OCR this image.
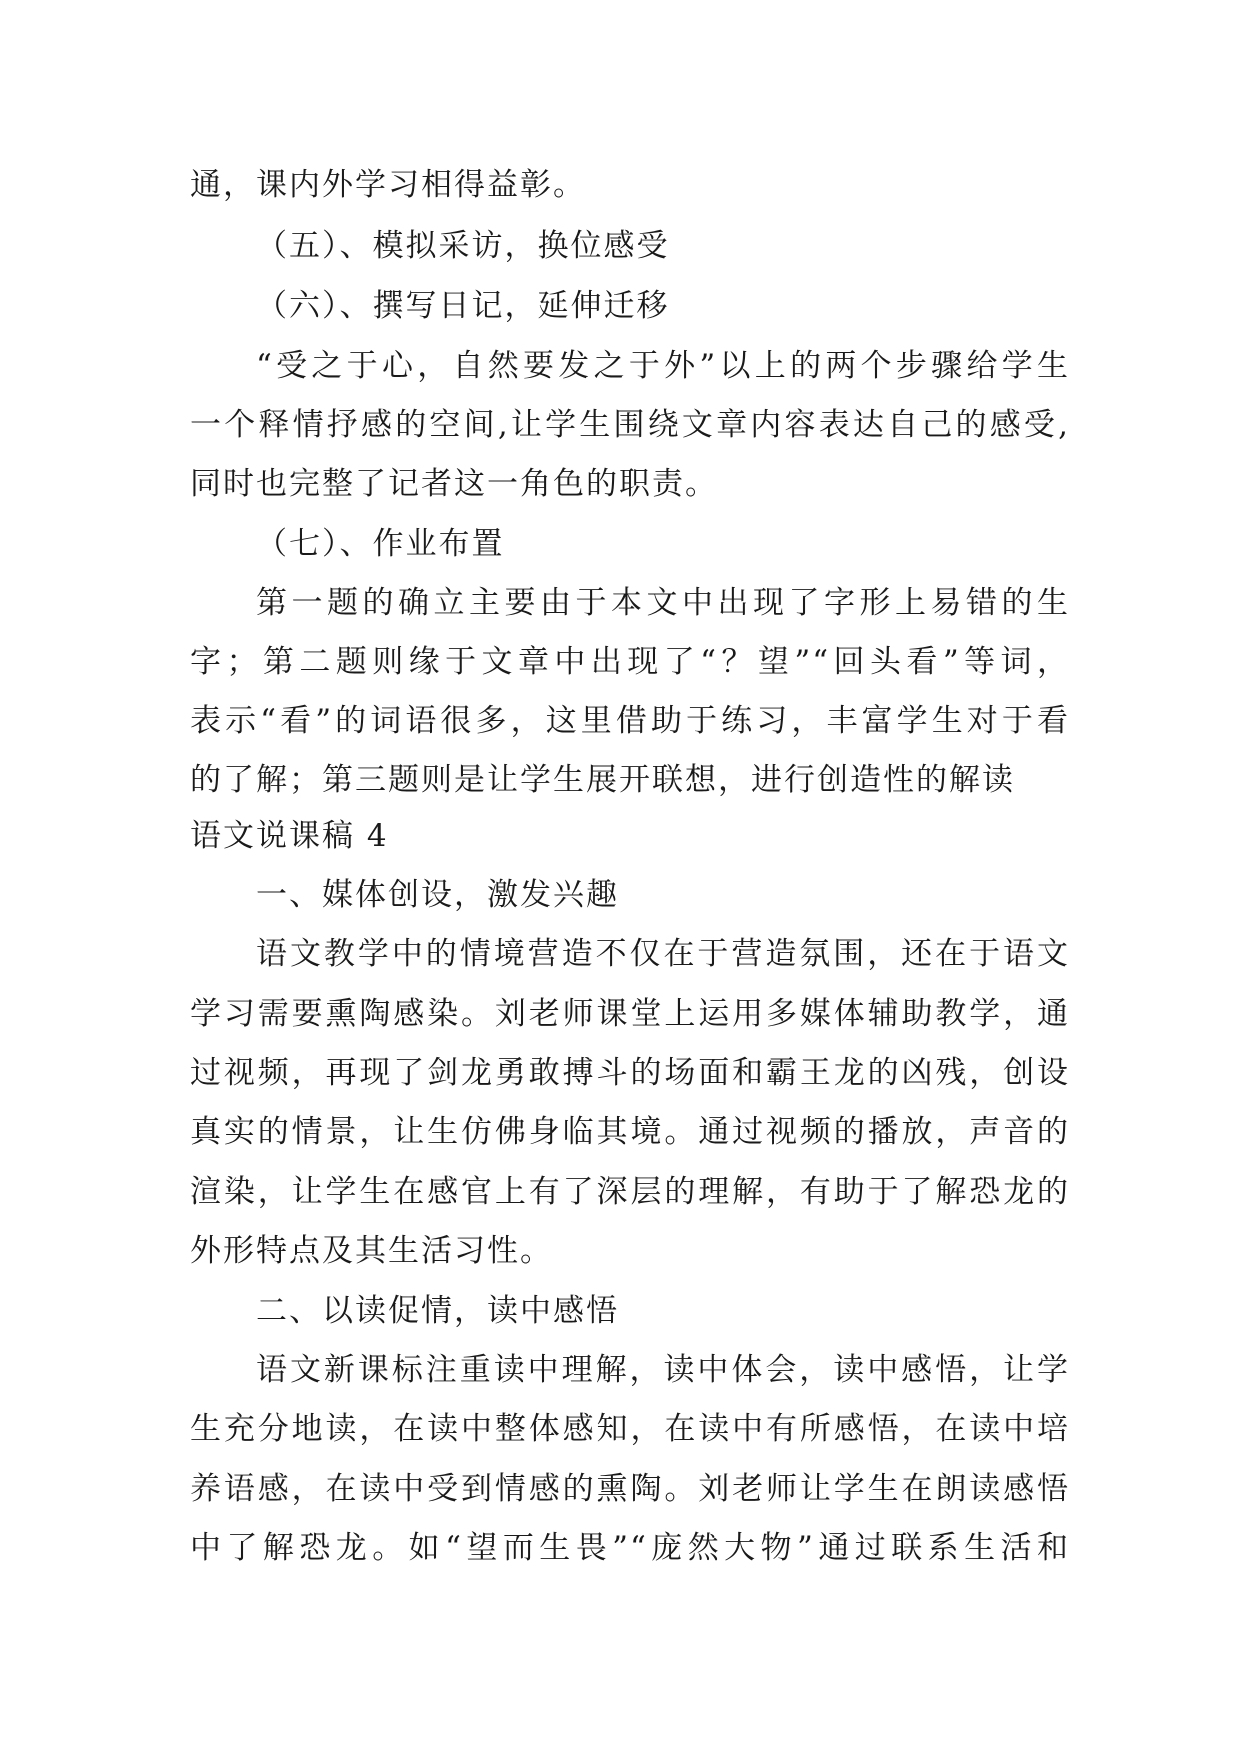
通，课内外学习相得益彰。
（五）、模拟采访，换位感受
（六）、撰写日记，延伸迁移
“受之于心，自然要发之于外”以上的两个步骤给学生
一个释情抒感的空间,让学生围绕文章内容表达自己的感受,
同时也完整了记者这一角色的职责。
（七）、作业布置
第一题的确立主要由于本文中出现了字形上易错的生
字；第二题则缘于文章中出现了“？望”“回头看”等词，
表示“看”的词语很多，这里借助于练习，丰富学生对于看
的了解；第三题则是让学生展开联想，进行创造性的解读
语文说课稿 4
一、媒体创设，激发兴趣
语文教学中的情境营造不仅在于营造氛围，还在于语文
学习需要熏陶感染。刘老师课堂上运用多媒体辅助教学，通
过视频，再现了剑龙勇敢搏斗的场面和霸王龙的凶残，创设
真实的情景，让生仿佛身临其境。通过视频的播放，声音的
渲染，让学生在感官上有了深层的理解，有助于了解恐龙的
外形特点及其生活习性。
二、以读促情，读中感悟
语文新课标注重读中理解，读中体会，读中感悟，让学
生充分地读，在读中整体感知，在读中有所感悟，在读中培
养语感，在读中受到情感的熏陶。刘老师让学生在朗读感悟
中了解恐龙。如“望而生畏”“庞然大物”通过联系生活和
